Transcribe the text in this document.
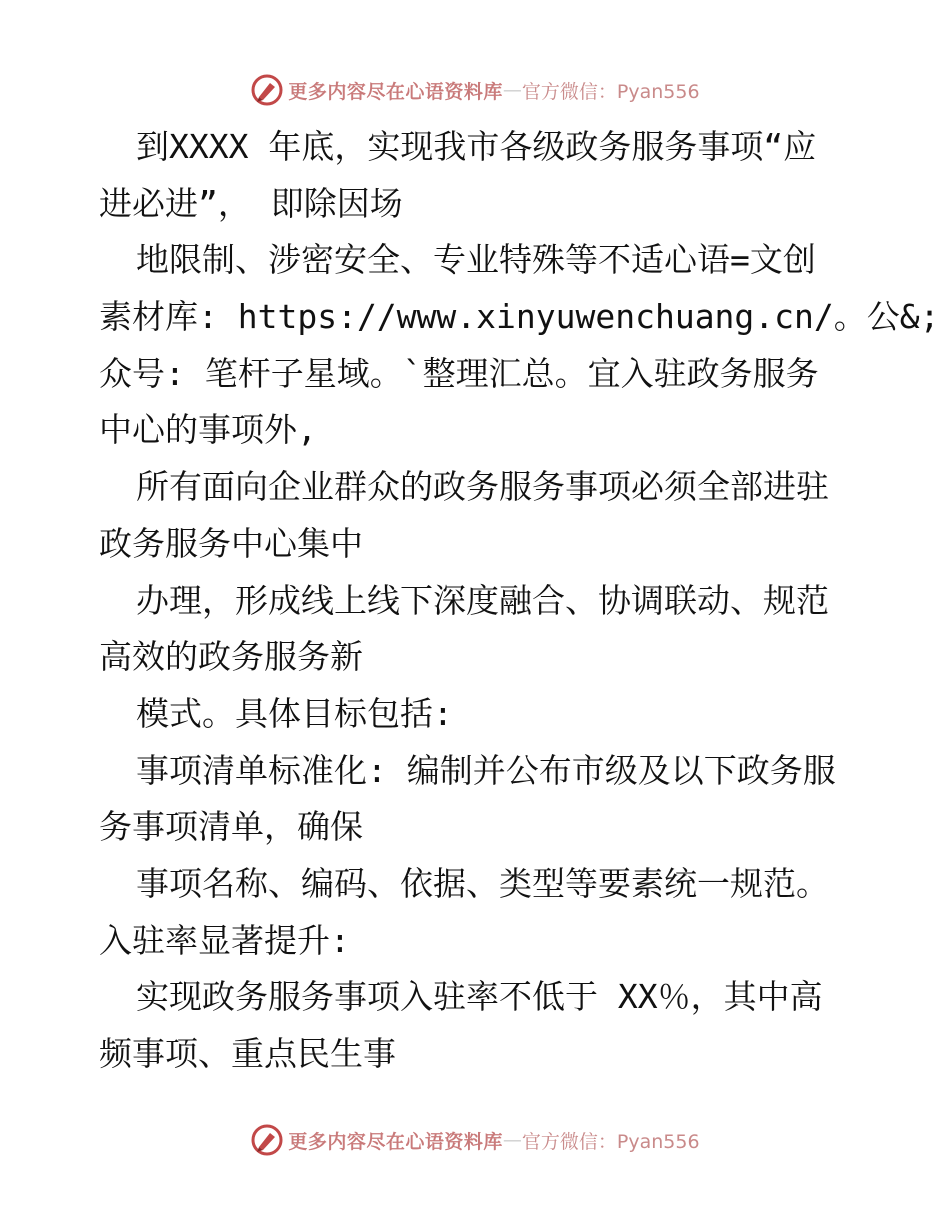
更多内容尽在心语资料库 — 官方微信：Pyan556
到XXXX 年底，实现我市各级政务服务事项“应
进必进”， 即除因场
地限制、涉密安全、专业特殊等不适心语=文创
素材库: https://www.xinyuwenchuang.cn/。公&;
众号: 笔杆子星域。`整理汇总。宜入驻政务服务
中心的事项外,
所有面向企业群众的政务服务事项必须全部进驻
政务服务中心集中
办理，形成线上线下深度融合、协调联动、规范
高效的政务服务新
模式。具体目标包括:
事项清单标准化: 编制并公布市级及以下政务服
务事项清单，确保
事项名称、编码、依据、类型等要素统一规范。
入驻率显著提升:
实现政务服务事项入驻率不低于 XX％，其中高
频事项、重点民生事
更多内容尽在心语资料库 — 官方微信：Pyan556
